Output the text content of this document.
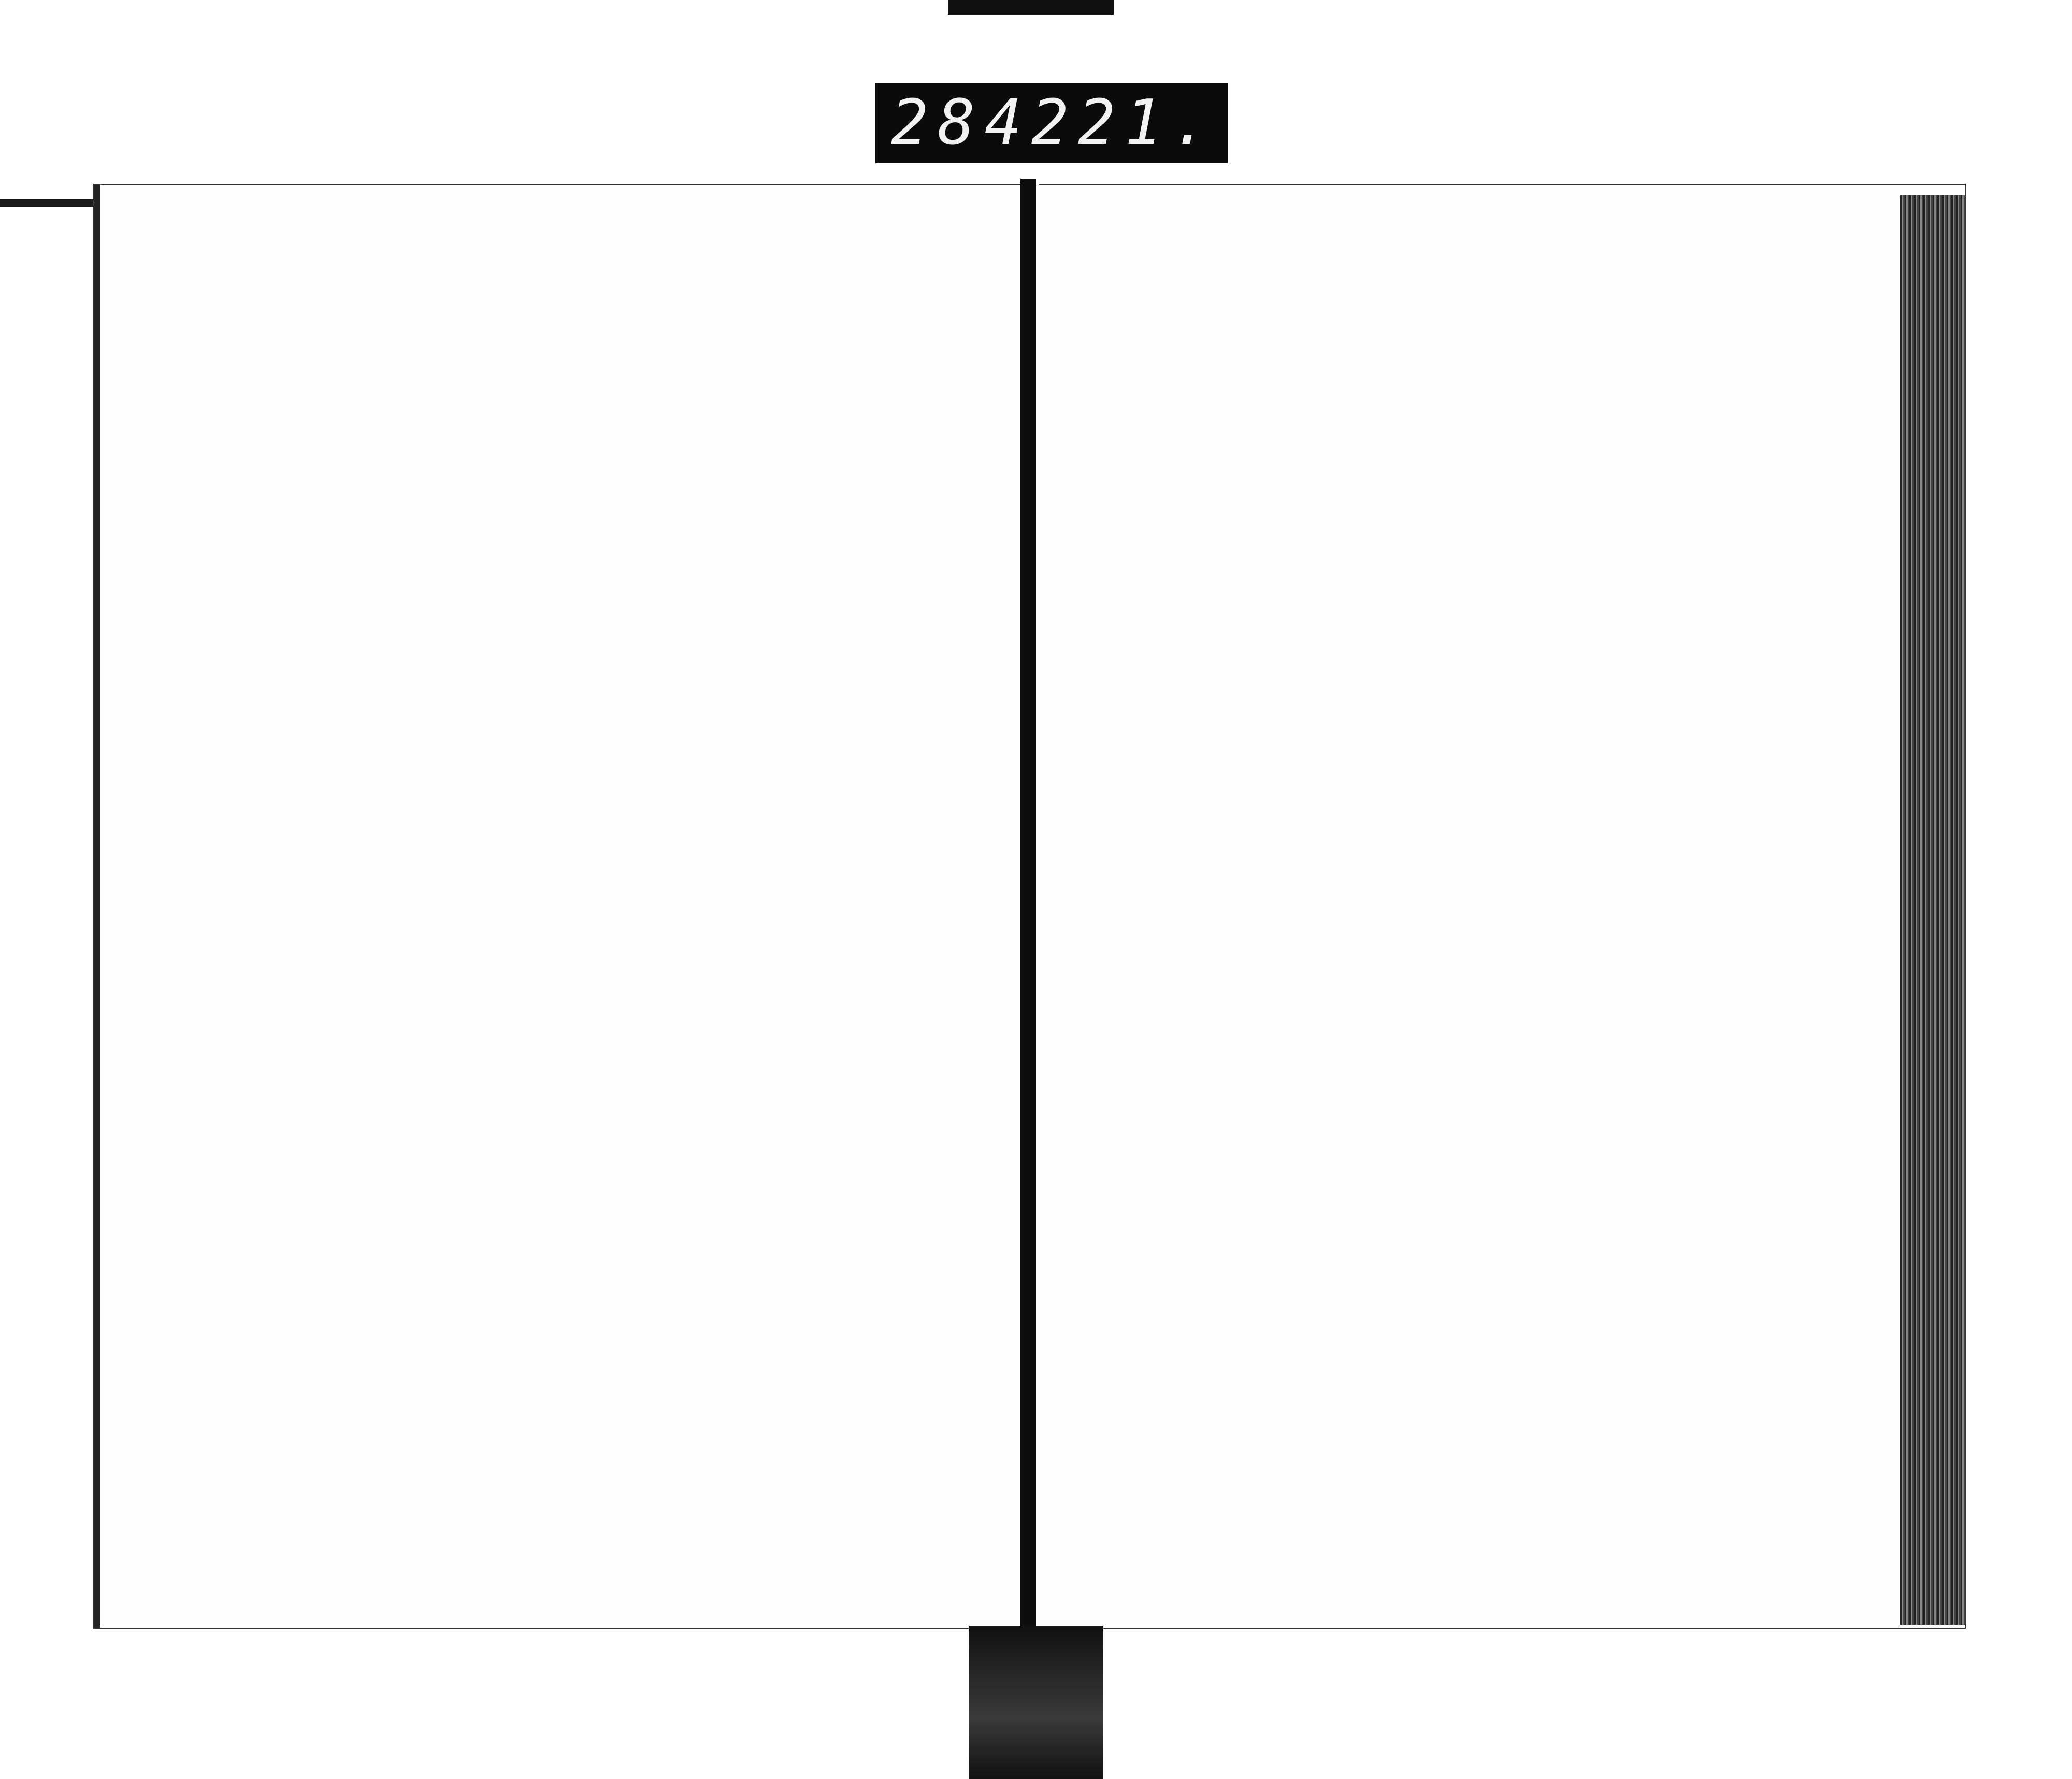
284 221.
